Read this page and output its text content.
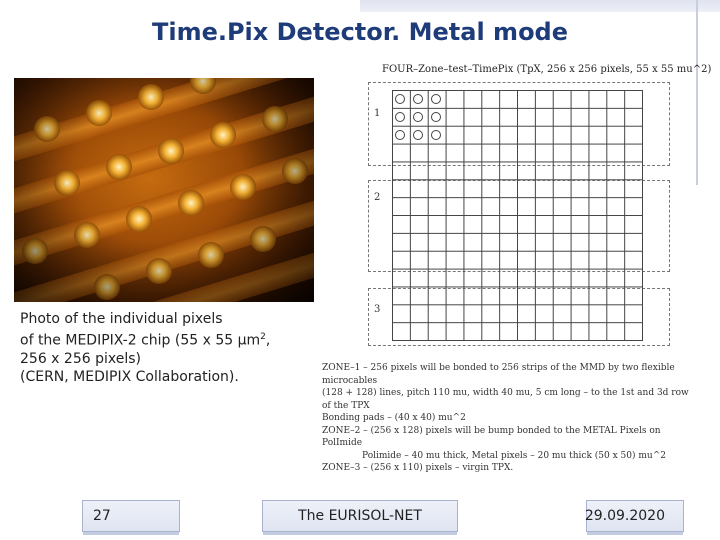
Time.Pix Detector. Metal mode
Photo of the individual pixels
of the MEDIPIX-2 chip (55 x 55 µm$^2$,
256 x 256 pixels)
(CERN, MEDIPIX Collaboration).
FOUR–Zone–test–TimePix (TpX, 256 x 256 pixels, 55 x 55 mu^2)
1
2
3

ZONE–1 – 256 pixels will be bonded to 256 strips of the MMD by two flexible microcables

(128 + 128) lines, pitch 110 mu, width 40 mu, 5 cm long – to the 1st and 3d row of the TPX

Bonding pads – (40 x 40) mu^2

ZONE–2 – (256 x 128) pixels will be bump bonded to the METAL Pixels on PolImide

Polimide – 40 mu thick, Metal pixels – 20 mu thick (50 x 50) mu^2

ZONE–3 – (256 x 110) pixels – virgin TPX.

27	The EURISOL-NET	29.09.2020
